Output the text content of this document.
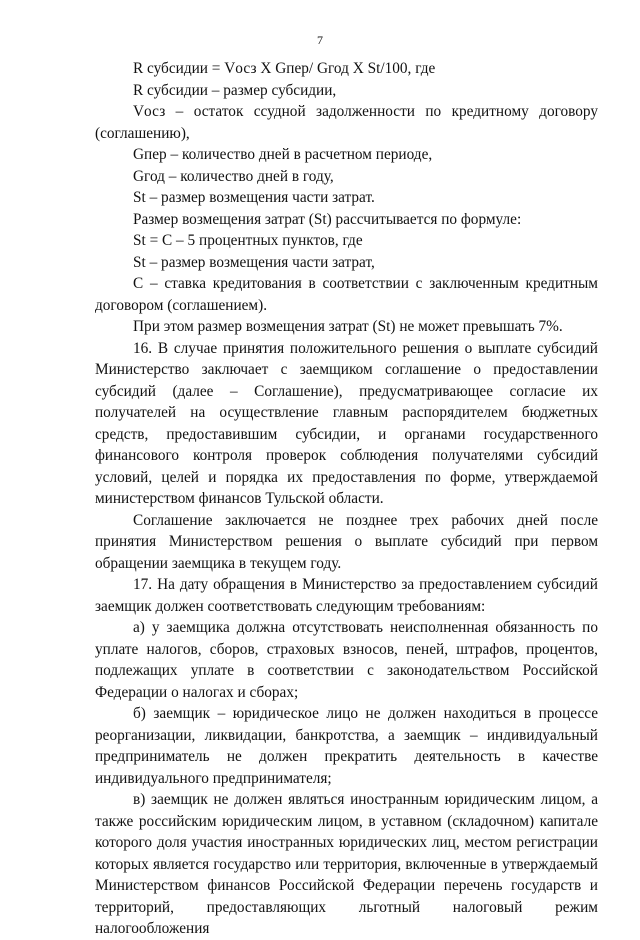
7

R субсидии = Vосз X Gпер/ Gгод X St/100, где

R субсидии – размер субсидии,

Vосз – остаток ссудной задолженности по кредитному договору (соглашению),

Gпер – количество дней в расчетном периоде,

Gгод – количество дней в году,

St – размер возмещения части затрат.

Размер возмещения затрат (St) рассчитывается по формуле:

St = С – 5 процентных пунктов, где

St – размер возмещения части затрат,

С – ставка кредитования в соответствии с заключенным кредитным договором (соглашением).

При этом размер возмещения затрат (St) не может превышать 7%.

16. В случае принятия положительного решения о выплате субсидий Министерство заключает с заемщиком соглашение о предоставлении субсидий (далее – Соглашение), предусматривающее согласие их получателей на осуществление главным распорядителем бюджетных средств, предоставившим субсидии, и органами государственного финансового контроля проверок соблюдения получателями субсидий условий, целей и порядка их предоставления по форме, утверждаемой министерством финансов Тульской области.

Соглашение заключается не позднее трех рабочих дней после принятия Министерством решения о выплате субсидий при первом обращении заемщика в текущем году.

17. На дату обращения в Министерство за предоставлением субсидий заемщик должен соответствовать следующим требованиям:

а) у заемщика должна отсутствовать неисполненная обязанность по уплате налогов, сборов, страховых взносов, пеней, штрафов, процентов, подлежащих уплате в соответствии с законодательством Российской Федерации о налогах и сборах;

б) заемщик – юридическое лицо не должен находиться в процессе реорганизации, ликвидации, банкротства, а заемщик – индивидуальный предприниматель не должен прекратить деятельность в качестве индивидуального предпринимателя;

в) заемщик не должен являться иностранным юридическим лицом, а также российским юридическим лицом, в уставном (складочном) капитале которого доля участия иностранных юридических лиц, местом регистрации которых является государство или территория, включенные в утверждаемый Министерством финансов Российской Федерации перечень государств и территорий, предоставляющих льготный налоговый режим налогообложения
